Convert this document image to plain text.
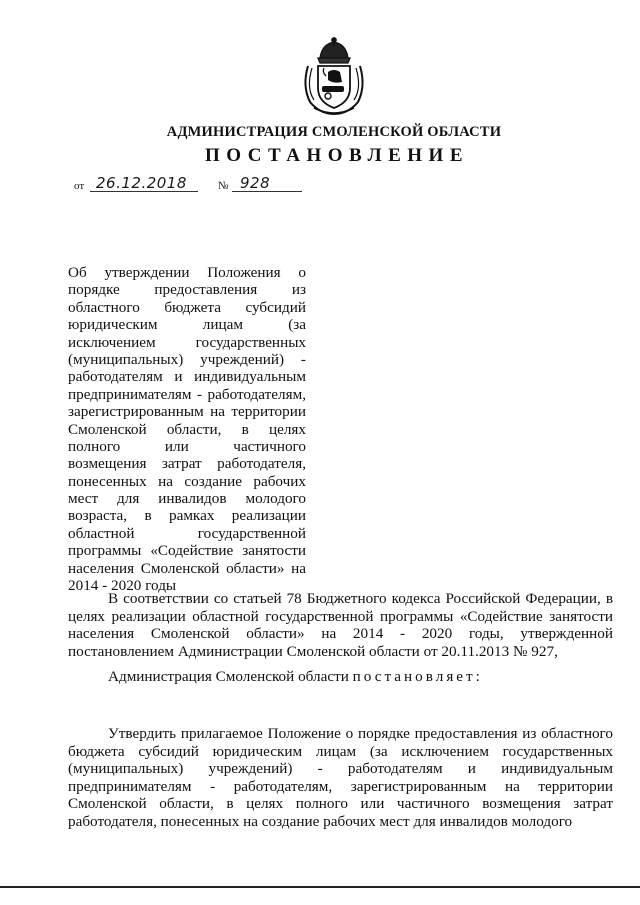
АДМИНИСТРАЦИЯ СМОЛЕНСКОЙ ОБЛАСТИ
ПОСТАНОВЛЕНИЕ
от 26.12.2018	№ 928
Об утверждении Положения о
порядке предоставления из
областного бюджета субсидий
юридическим лицам (за
исключением государственных
(муниципальных) учреждений) -
работодателям и индивидуальным
предпринимателям - работодателям,
зарегистрированным на территории
Смоленской области, в целях
полного или частичного
возмещения затрат работодателя,
понесенных на создание рабочих
мест для инвалидов молодого
возраста, в рамках реализации
областной государственной
программы «Содействие занятости
населения Смоленской области» на
2014 - 2020 годы
В соответствии со статьей 78 Бюджетного кодекса Российской Федерации, в целях реализации областной государственной программы «Содействие занятости населения Смоленской области» на 2014 - 2020 годы, утвержденной постановлением Администрации Смоленской области от 20.11.2013 № 927,
Администрация Смоленской области постановляет:
Утвердить прилагаемое Положение о порядке предоставления из областного бюджета субсидий юридическим лицам (за исключением государственных (муниципальных) учреждений) - работодателям и индивидуальным предпринимателям - работодателям, зарегистрированным на территории Смоленской области, в целях полного или частичного возмещения затрат работодателя, понесенных на создание рабочих мест для инвалидов молодого
